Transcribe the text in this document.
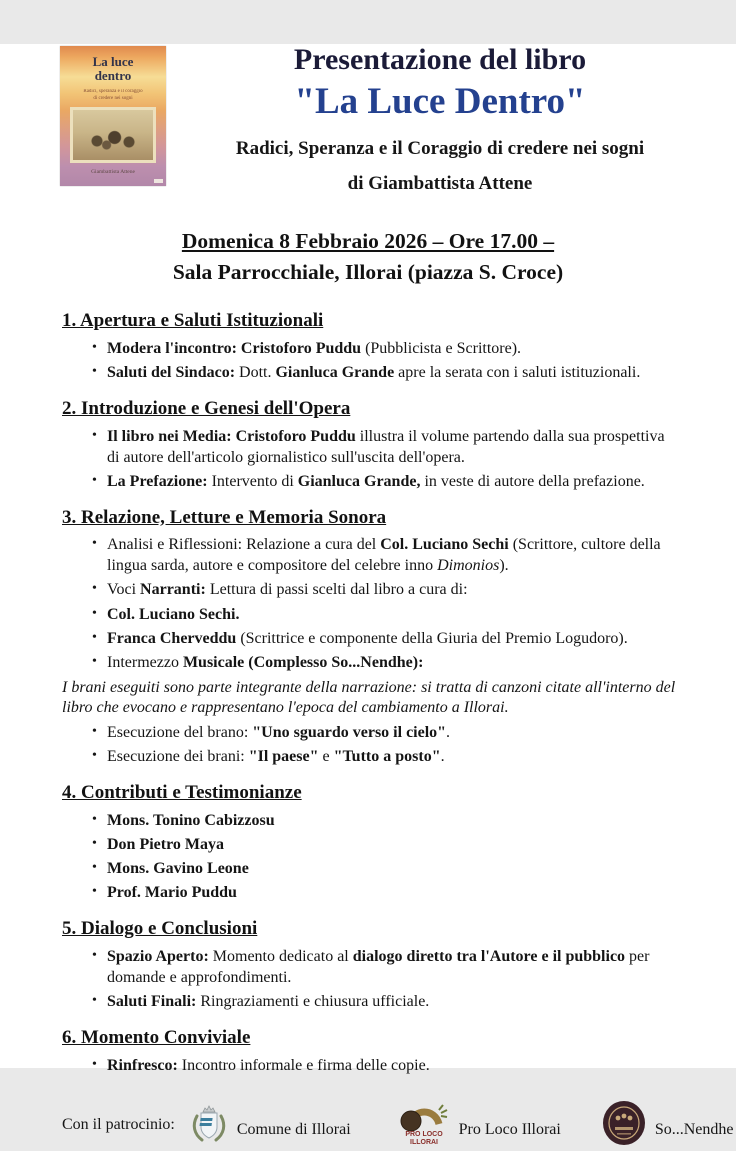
La luce
dentro
Radici, speranza e il coraggio
di credere nei sogni
Giambattista Attene
Presentazione del libro
"La Luce Dentro"
Radici, Speranza e il Coraggio di credere nei sogni
di Giambattista Attene
Domenica 8 Febbraio 2026 – Ore 17.00 –
Sala Parrocchiale, Illorai (piazza S. Croce)
1. Apertura e Saluti Istituzionali
• Modera l'incontro: Cristoforo Puddu (Pubblicista e Scrittore).
• Saluti del Sindaco: Dott. Gianluca Grande apre la serata con i saluti istituzionali.
2. Introduzione e Genesi dell'Opera
• Il libro nei Media: Cristoforo Puddu illustra il volume partendo dalla sua prospettiva di autore dell'articolo giornalistico sull'uscita dell'opera.
• La Prefazione: Intervento di Gianluca Grande, in veste di autore della prefazione.
3. Relazione, Letture e Memoria Sonora
• Analisi e Riflessioni: Relazione a cura del Col. Luciano Sechi (Scrittore, cultore della lingua sarda, autore e compositore del celebre inno Dimonios).
• Voci Narranti: Lettura di passi scelti dal libro a cura di:
• Col. Luciano Sechi.
• Franca Cherveddu (Scrittrice e componente della Giuria del Premio Logudoro).
• Intermezzo Musicale (Complesso So...Nendhe):

I brani eseguiti sono parte integrante della narrazione: si tratta di canzoni citate all'interno del libro che evocano e rappresentano l'epoca del cambiamento a Illorai.

• Esecuzione del brano: "Uno sguardo verso il cielo".
• Esecuzione dei brani: "Il paese" e "Tutto a posto".
4. Contributi e Testimonianze
• Mons. Tonino Cabizzosu
• Don Pietro Maya
• Mons. Gavino Leone
• Prof. Mario Puddu
5. Dialogo e Conclusioni
• Spazio Aperto: Momento dedicato al dialogo diretto tra l'Autore e il pubblico per domande e approfondimenti.
• Saluti Finali: Ringraziamenti e chiusura ufficiale.
6. Momento Conviviale
• Rinfresco: Incontro informale e firma delle copie.
Con il patrocinio:	Comune di Illorai	PRO LOCO
ILLORAI
Pro Loco Illorai	So...Nendhe
